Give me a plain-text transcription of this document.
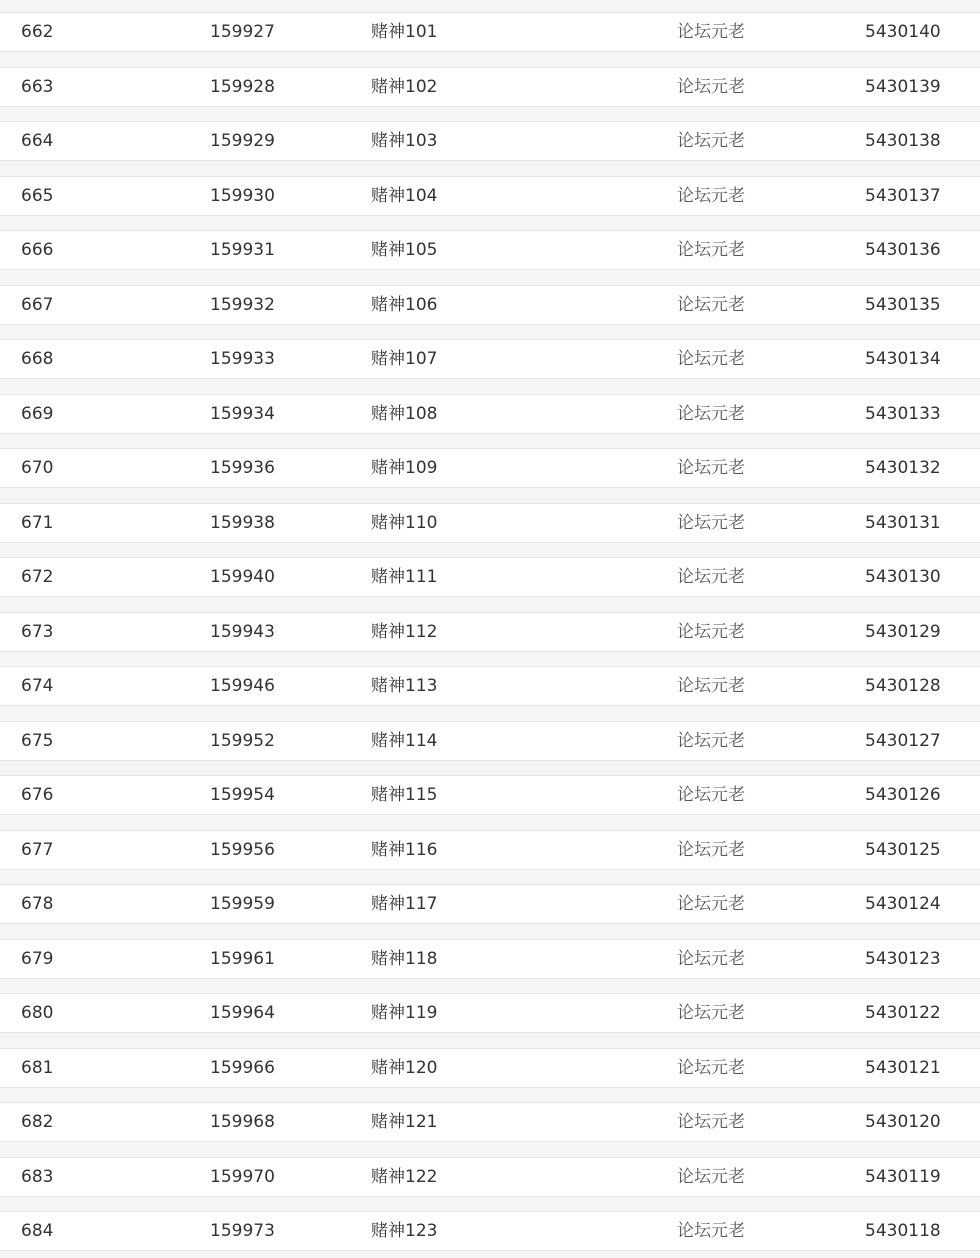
662	159927	赌神101	论坛元老	5430140
663	159928	赌神102	论坛元老	5430139
664	159929	赌神103	论坛元老	5430138
665	159930	赌神104	论坛元老	5430137
666	159931	赌神105	论坛元老	5430136
667	159932	赌神106	论坛元老	5430135
668	159933	赌神107	论坛元老	5430134
669	159934	赌神108	论坛元老	5430133
670	159936	赌神109	论坛元老	5430132
671	159938	赌神110	论坛元老	5430131
672	159940	赌神111	论坛元老	5430130
673	159943	赌神112	论坛元老	5430129
674	159946	赌神113	论坛元老	5430128
675	159952	赌神114	论坛元老	5430127
676	159954	赌神115	论坛元老	5430126
677	159956	赌神116	论坛元老	5430125
678	159959	赌神117	论坛元老	5430124
679	159961	赌神118	论坛元老	5430123
680	159964	赌神119	论坛元老	5430122
681	159966	赌神120	论坛元老	5430121
682	159968	赌神121	论坛元老	5430120
683	159970	赌神122	论坛元老	5430119
684	159973	赌神123	论坛元老	5430118
